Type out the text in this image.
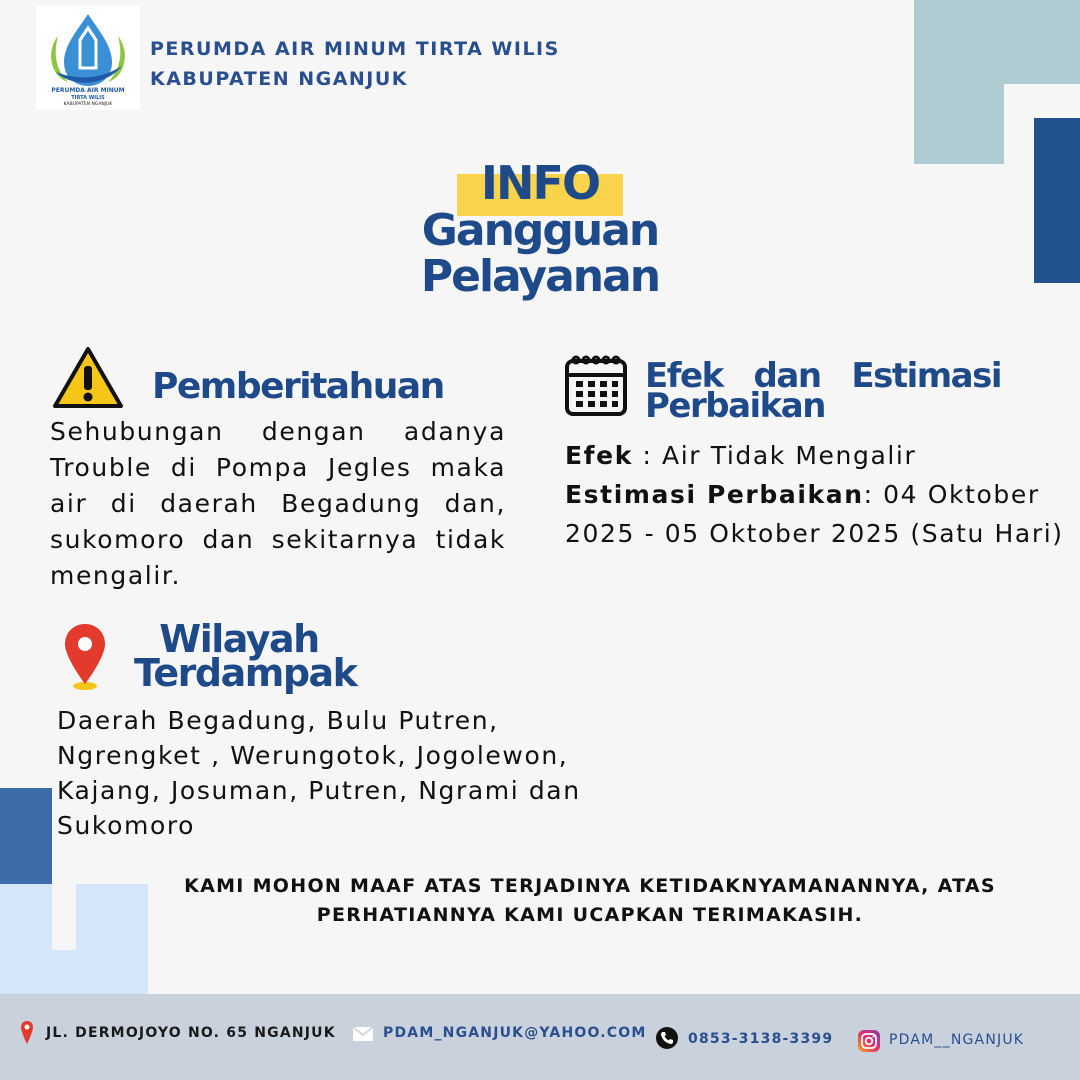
PERUMDA AIR MINUM
TIRTA WILIS
KABUPATEN NGANJUK
PERUMDA AIR MINUM TIRTA WILIS
KABUPATEN NGANJUK
INFO
Gangguan
Pelayanan
Pemberitahuan
Sehubungan dengan adanya Trouble di Pompa Jegles maka air di daerah Begadung dan, sukomoro dan sekitarnya tidak mengalir.
Efek dan Estimasi
Perbaikan
Efek : Air Tidak Mengalir
Estimasi Perbaikan: 04 Oktober 2025 - 05 Oktober 2025 (Satu Hari)
Wilayah
Terdampak
Daerah Begadung, Bulu Putren, Ngrengket , Werungotok, Jogolewon, Kajang, Josuman, Putren, Ngrami dan Sukomoro
KAMI MOHON MAAF ATAS TERJADINYA KETIDAKNYAMANANNYA, ATAS
PERHATIANNYA KAMI UCAPKAN TERIMAKASIH.
JL. DERMOJOYO NO. 65 NGANJUK	PDAM_NGANJUK@YAHOO.COM	0853-3138-3399	PDAM__NGANJUK
